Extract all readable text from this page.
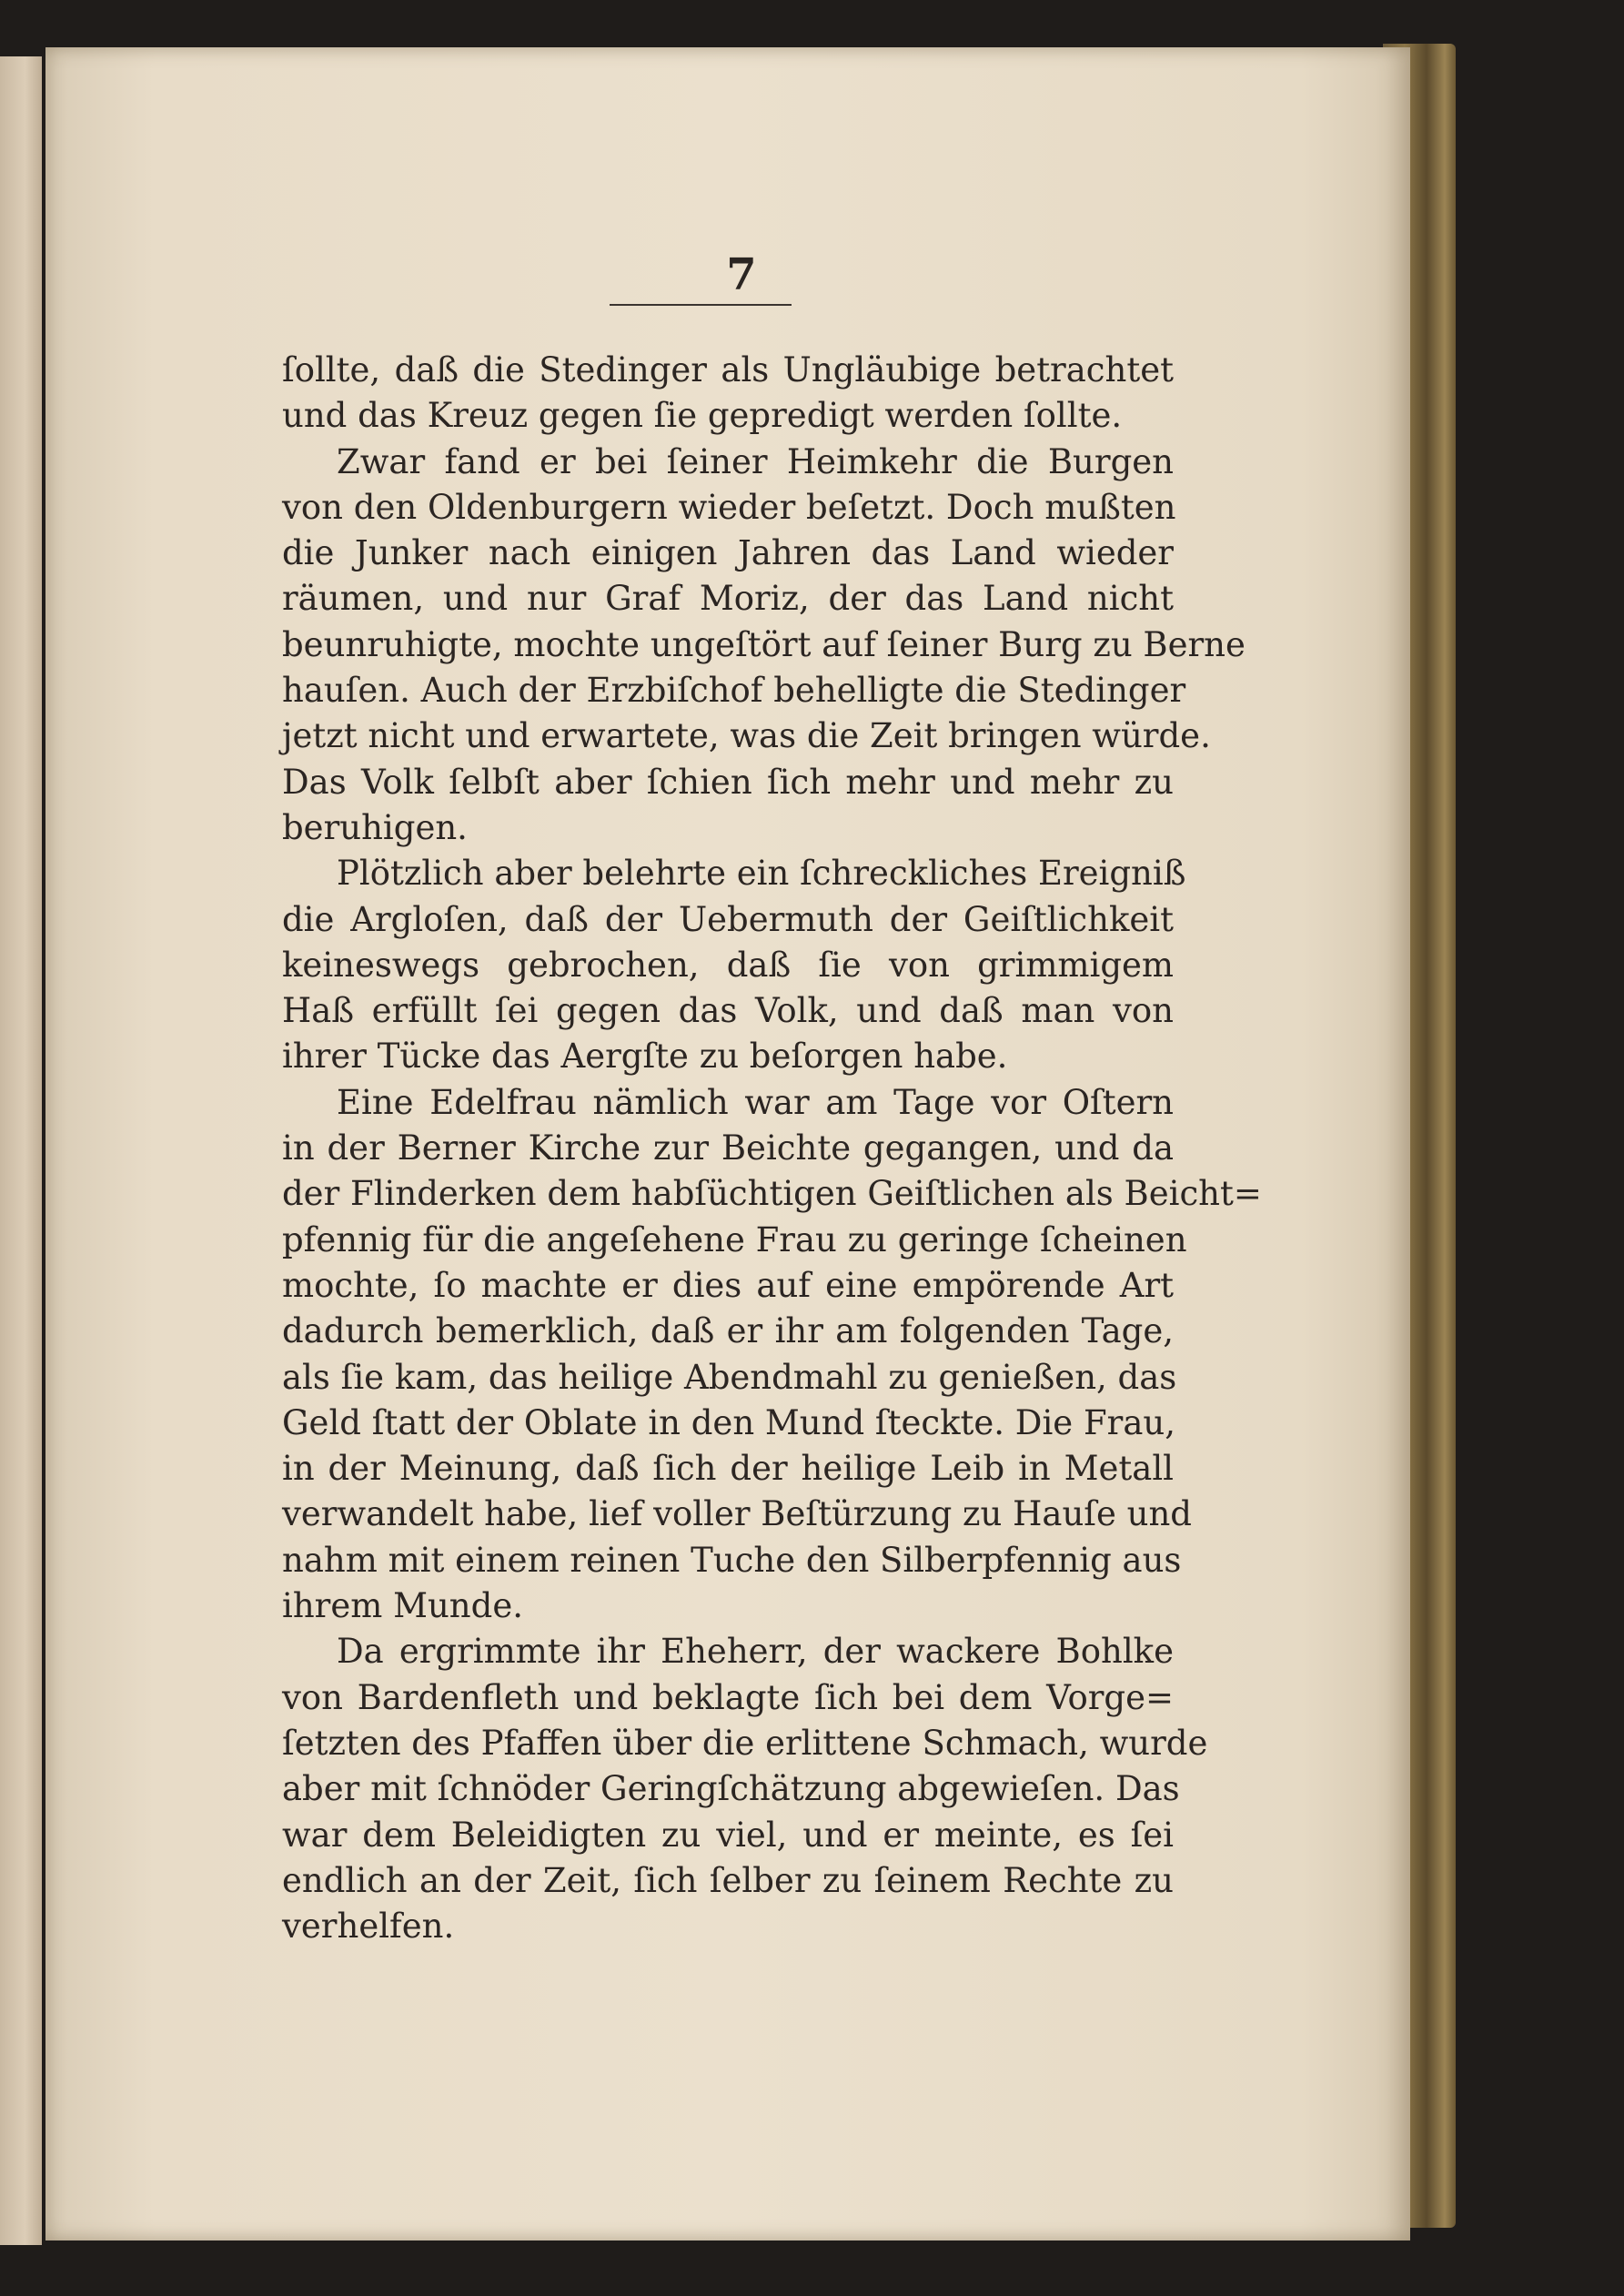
7

ſollte, daß die Stedinger als Ungläubige betrachtet
und das Kreuz gegen ſie gepredigt werden ſollte.
Zwar fand er bei ſeiner Heimkehr die Burgen
von den Oldenburgern wieder beſetzt. Doch mußten
die Junker nach einigen Jahren das Land wieder
räumen, und nur Graf Moriz, der das Land nicht
beunruhigte, mochte ungeſtört auf ſeiner Burg zu Berne
hauſen. Auch der Erzbiſchof behelligte die Stedinger
jetzt nicht und erwartete, was die Zeit bringen würde.
Das Volk ſelbſt aber ſchien ſich mehr und mehr zu
beruhigen.
Plötzlich aber belehrte ein ſchreckliches Ereigniß
die Argloſen, daß der Uebermuth der Geiſtlichkeit
keineswegs gebrochen, daß ſie von grimmigem
Haß erfüllt ſei gegen das Volk, und daß man von
ihrer Tücke das Aergſte zu beſorgen habe.
Eine Edelfrau nämlich war am Tage vor Oſtern
in der Berner Kirche zur Beichte gegangen, und da
der Flinderken dem habſüchtigen Geiſtlichen als Beicht=
pfennig für die angeſehene Frau zu geringe ſcheinen
mochte, ſo machte er dies auf eine empörende Art
dadurch bemerklich, daß er ihr am folgenden Tage,
als ſie kam, das heilige Abendmahl zu genießen, das
Geld ſtatt der Oblate in den Mund ſteckte. Die Frau,
in der Meinung, daß ſich der heilige Leib in Metall
verwandelt habe, lief voller Beſtürzung zu Hauſe und
nahm mit einem reinen Tuche den Silberpfennig aus
ihrem Munde.
Da ergrimmte ihr Eheherr, der wackere Bohlke
von Bardenfleth und beklagte ſich bei dem Vorge=
ſetzten des Pfaffen über die erlittene Schmach, wurde
aber mit ſchnöder Geringſchätzung abgewieſen. Das
war dem Beleidigten zu viel, und er meinte, es ſei
endlich an der Zeit, ſich ſelber zu ſeinem Rechte zu
verhelfen.
